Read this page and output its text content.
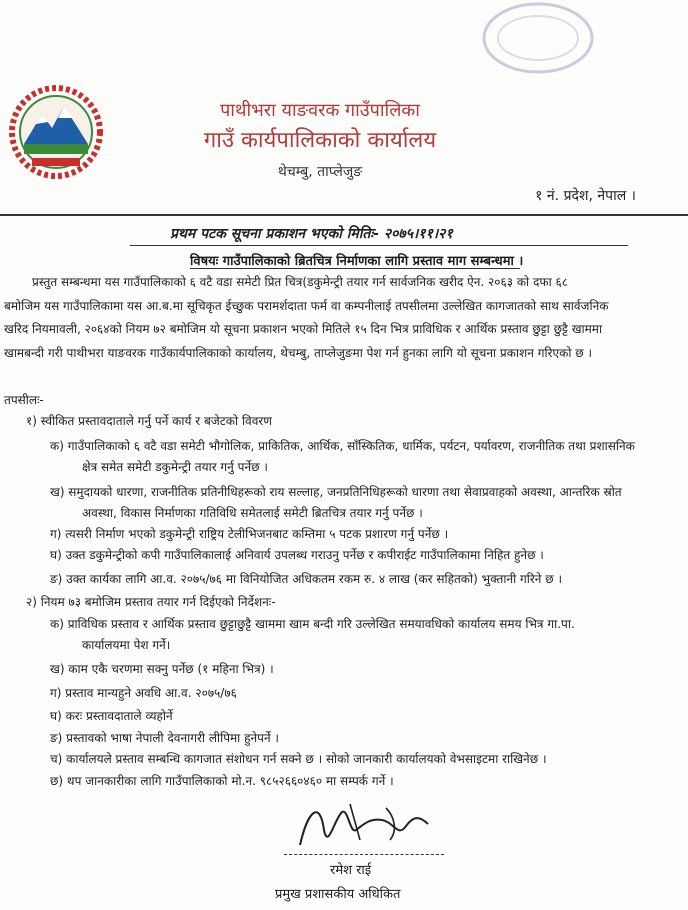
पाथीभरा याङवरक गाउँपालिका
गाउँ कार्यपालिकाको कार्यालय
थेचम्बु, ताप्लेजुङ
१ नं. प्रदेश, नेपाल ।
प्रथम पटक सूचना प्रकाशन भएको मितिः- २०७५।११।२१
विषयः गाउँपालिकाको ब्रितचित्र निर्माणका लागि प्रस्ताव माग सम्बन्धमा ।
प्रस्तुत सम्बन्धमा यस गाउँपालिकाको ६ वटै वडा समेटी प्रित चित्र(डकुमेन्ट्री तयार गर्न सार्वजनिक खरीद ऐन. २०६३ को दफा ६८
बमोजिम यस गाउँपालिकामा यस आ.ब.मा सूचिकृत ईच्छुक परामर्शदाता फर्म वा कम्पनीलाई तपसीलमा उल्लेखित कागजातको साथ सार्वजनिक
खरिद नियमावली, २०६४को नियम ७२ बमोजिम यो सूचना प्रकाशन भएको मितिले १५ दिन भित्र प्राविधिक र आर्थिक प्रस्ताव छुट्टा छुट्टै खाममा
खामबन्दी गरी पाथीभरा याङवरक गाउँकार्यपालिकाको कार्यालय, थेचम्बु, ताप्लेजुङमा पेश गर्न हुनका लागि यो सूचना प्रकाशन गरिएको छ ।
तपसीलः-
१) स्वीकित प्रस्तावदाताले गर्नु पर्ने कार्य र बजेटको विवरण
क) गाउँपालिकाको ६ वटै वडा समेटी भौगोलिक, प्राकितिक, आर्थिक, साँस्कितिक, धार्मिक, पर्यटन, पर्यावरण, राजनीतिक तथा प्रशासनिक
क्षेत्र समेत समेटी डकुमेन्ट्री तयार गर्नु पर्नेछ ।
ख) समुदायको धारणा, राजनीतिक प्रतिनीधिहरूको राय सल्लाह, जनप्रतिनिधिहरूको धारणा तथा सेवाप्रवाहको अवस्था, आन्तरिक स्रोत
अवस्था, विकास निर्माणका गतिविधि समेतलाई समेटी ब्रितचित्र तयार गर्नु पर्नेछ ।
ग) त्यसरी निर्माण भएको डकुमेन्ट्री राष्ट्रिय टेलीभिजनबाट कम्तिमा ५ पटक प्रशारण गर्नु पर्नेछ ।
घ) उक्त डकुमेन्ट्रीको कपी गाउँपालिकालाई अनिवार्य उपलब्ध गराउनु पर्नेछ र कपीराईट गाउँपालिकामा निहित हुनेछ ।
ङ) उक्त कार्यका लागि आ.व. २०७५/७६ मा विनियोजित अधिकतम रकम रु. ४ लाख (कर सहितको) भुक्तानी गरिने छ ।
२) नियम ७३ बमोजिम प्रस्ताव तयार गर्न दिईएको निर्देशनः-
क) प्राविधिक प्रस्ताव र आर्थिक प्रस्ताव छुट्टाछुट्टै खाममा खाम बन्दी गरि उल्लेखित समयावधिको कार्यालय समय भित्र गा.पा.
कार्यालयमा पेश गर्ने।
ख) काम एकै चरणमा सक्नु पर्नेछ (१ महिना भित्र) ।
ग) प्रस्ताव मान्यहुने अवधि आ.व. २०७५/७६
घ) करः प्रस्तावदाताले व्यहोर्ने
ङ) प्रस्तावको भाषा नेपाली देवनागरी लीपिमा हुनेपर्ने ।
च) कार्यालयले प्रस्ताव सम्बन्धि कागजात संशोधन गर्न सक्ने छ । सोको जानकारी कार्यालयको वेभसाइटमा राखिनेछ ।
छ) थप जानकारीका लागि गाउँपालिकाको मो.न. ९८५२६६०४६० मा सम्पर्क गर्ने ।
रमेश राई
प्रमुख प्रशासकीय अधिकित
